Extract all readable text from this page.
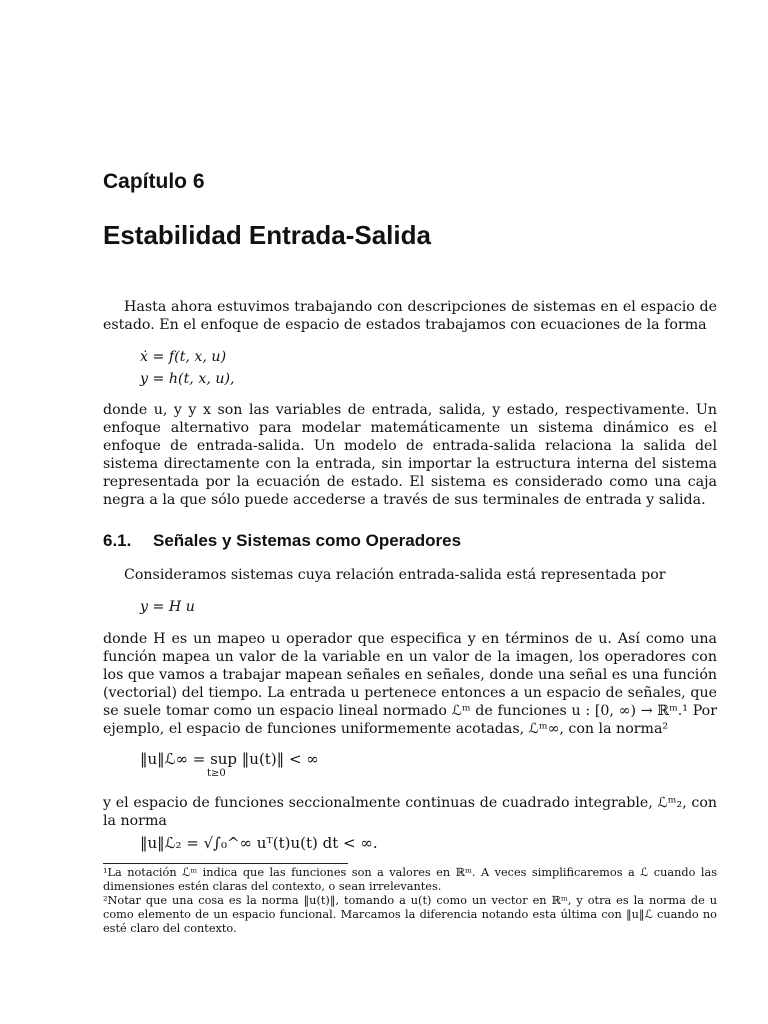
Capítulo 6
Estabilidad Entrada-Salida
Hasta ahora estuvimos trabajando con descripciones de sistemas en el espacio de estado. En el enfoque de espacio de estados trabajamos con ecuaciones de la forma
ẋ = f(t, x, u)
y = h(t, x, u),
donde u, y y x son las variables de entrada, salida, y estado, respectivamente. Un enfoque alternativo para modelar matemáticamente un sistema dinámico es el enfoque de entrada-salida. Un modelo de entrada-salida relaciona la salida del sistema directamente con la entrada, sin importar la estructura interna del sistema representada por la ecuación de estado. El sistema es considerado como una caja negra a la que sólo puede accederse a través de sus terminales de entrada y salida.
6.1. Señales y Sistemas como Operadores
Consideramos sistemas cuya relación entrada-salida está representada por
y = H u
donde H es un mapeo u operador que especifica y en términos de u. Así como una función mapea un valor de la variable en un valor de la imagen, los operadores con los que vamos a trabajar mapean señales en señales, donde una señal es una función (vectorial) del tiempo. La entrada u pertenece entonces a un espacio de señales, que se suele tomar como un espacio lineal normado ℒᵐ de funciones u : [0, ∞) → ℝᵐ.¹ Por ejemplo, el espacio de funciones uniformemente acotadas, ℒᵐ∞, con la norma²
‖u‖ℒ∞ = sup ‖u(t)‖ < ∞
t≥0
y el espacio de funciones seccionalmente continuas de cuadrado integrable, ℒᵐ₂, con la norma
‖u‖ℒ₂ = √∫₀^∞ uᵀ(t)u(t) dt < ∞.
¹La notación ℒᵐ indica que las funciones son a valores en ℝᵐ. A veces simplificaremos a ℒ cuando las dimensiones estén claras del contexto, o sean irrelevantes.
²Notar que una cosa es la norma ‖u(t)‖, tomando a u(t) como un vector en ℝᵐ, y otra es la norma de u como elemento de un espacio funcional. Marcamos la diferencia notando esta última con ‖u‖ℒ cuando no esté claro del contexto.
